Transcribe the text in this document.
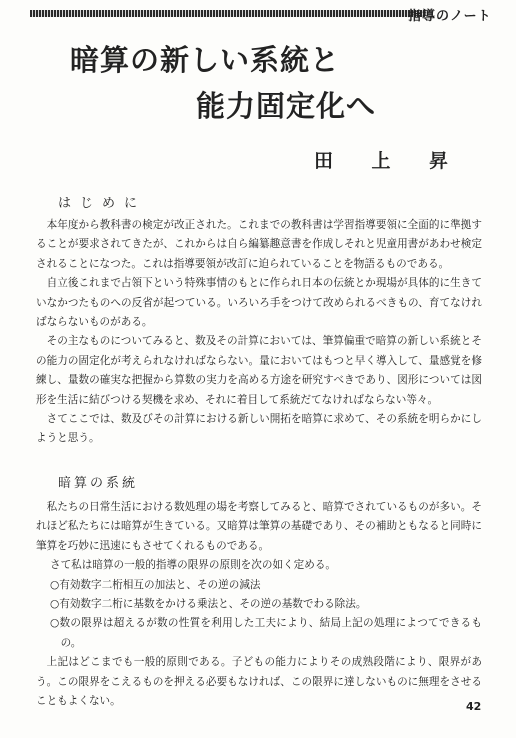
指導のノート
暗算の新しい系統と
能力固定化へ
田 上 昇
はじめに

本年度から教科書の検定が改正された。これまでの教科書は学習指導要領に全面的に準拠することが要求されてきたが、これからは自ら編纂趣意書を作成しそれと児童用書があわせ検定されることになつた。これは指導要領が改訂に迫られていることを物語るものである。

自立後これまで占領下という特殊事情のもとに作られ日本の伝統とか現場が具体的に生きていなかつたものへの反省が起つている。いろいろ手をつけて改められるべきもの、育てなければならないものがある。

その主なものについてみると、数及その計算においては、筆算偏重で暗算の新しい系統とその能力の固定化が考えられなければならない。量においてはもつと早く導入して、量感覚を修練し、量数の確実な把握から算数の実力を高める方途を研究すべきであり、図形については図形を生活に結びつける契機を求め、それに着目して系統だてなければならない等々。

さてここでは、数及びその計算における新しい開拓を暗算に求めて、その系統を明らかにしようと思う。

暗算の系統

私たちの日常生活における数処理の場を考察してみると、暗算でされているものが多い。それほど私たちには暗算が生きている。又暗算は筆算の基礎であり、その補助ともなると同時に筆算を巧妙に迅速にもさせてくれるものである。

さて私は暗算の一般的指導の限界の原則を次の如く定める。

○有効数字二桁相互の加法と、その逆の減法

○有効数字二桁に基数をかける乗法と、その逆の基数でわる除法。

○数の限界は超えるが数の性質を利用した工夫により、結局上記の処理によつてできるもの。

上記はどこまでも一般的原則である。子どもの能力によりその成熟段階により、限界があう。この限界をこえるものを押える必要もなければ、この限界に達しないものに無理をさせることもよくない。	42
